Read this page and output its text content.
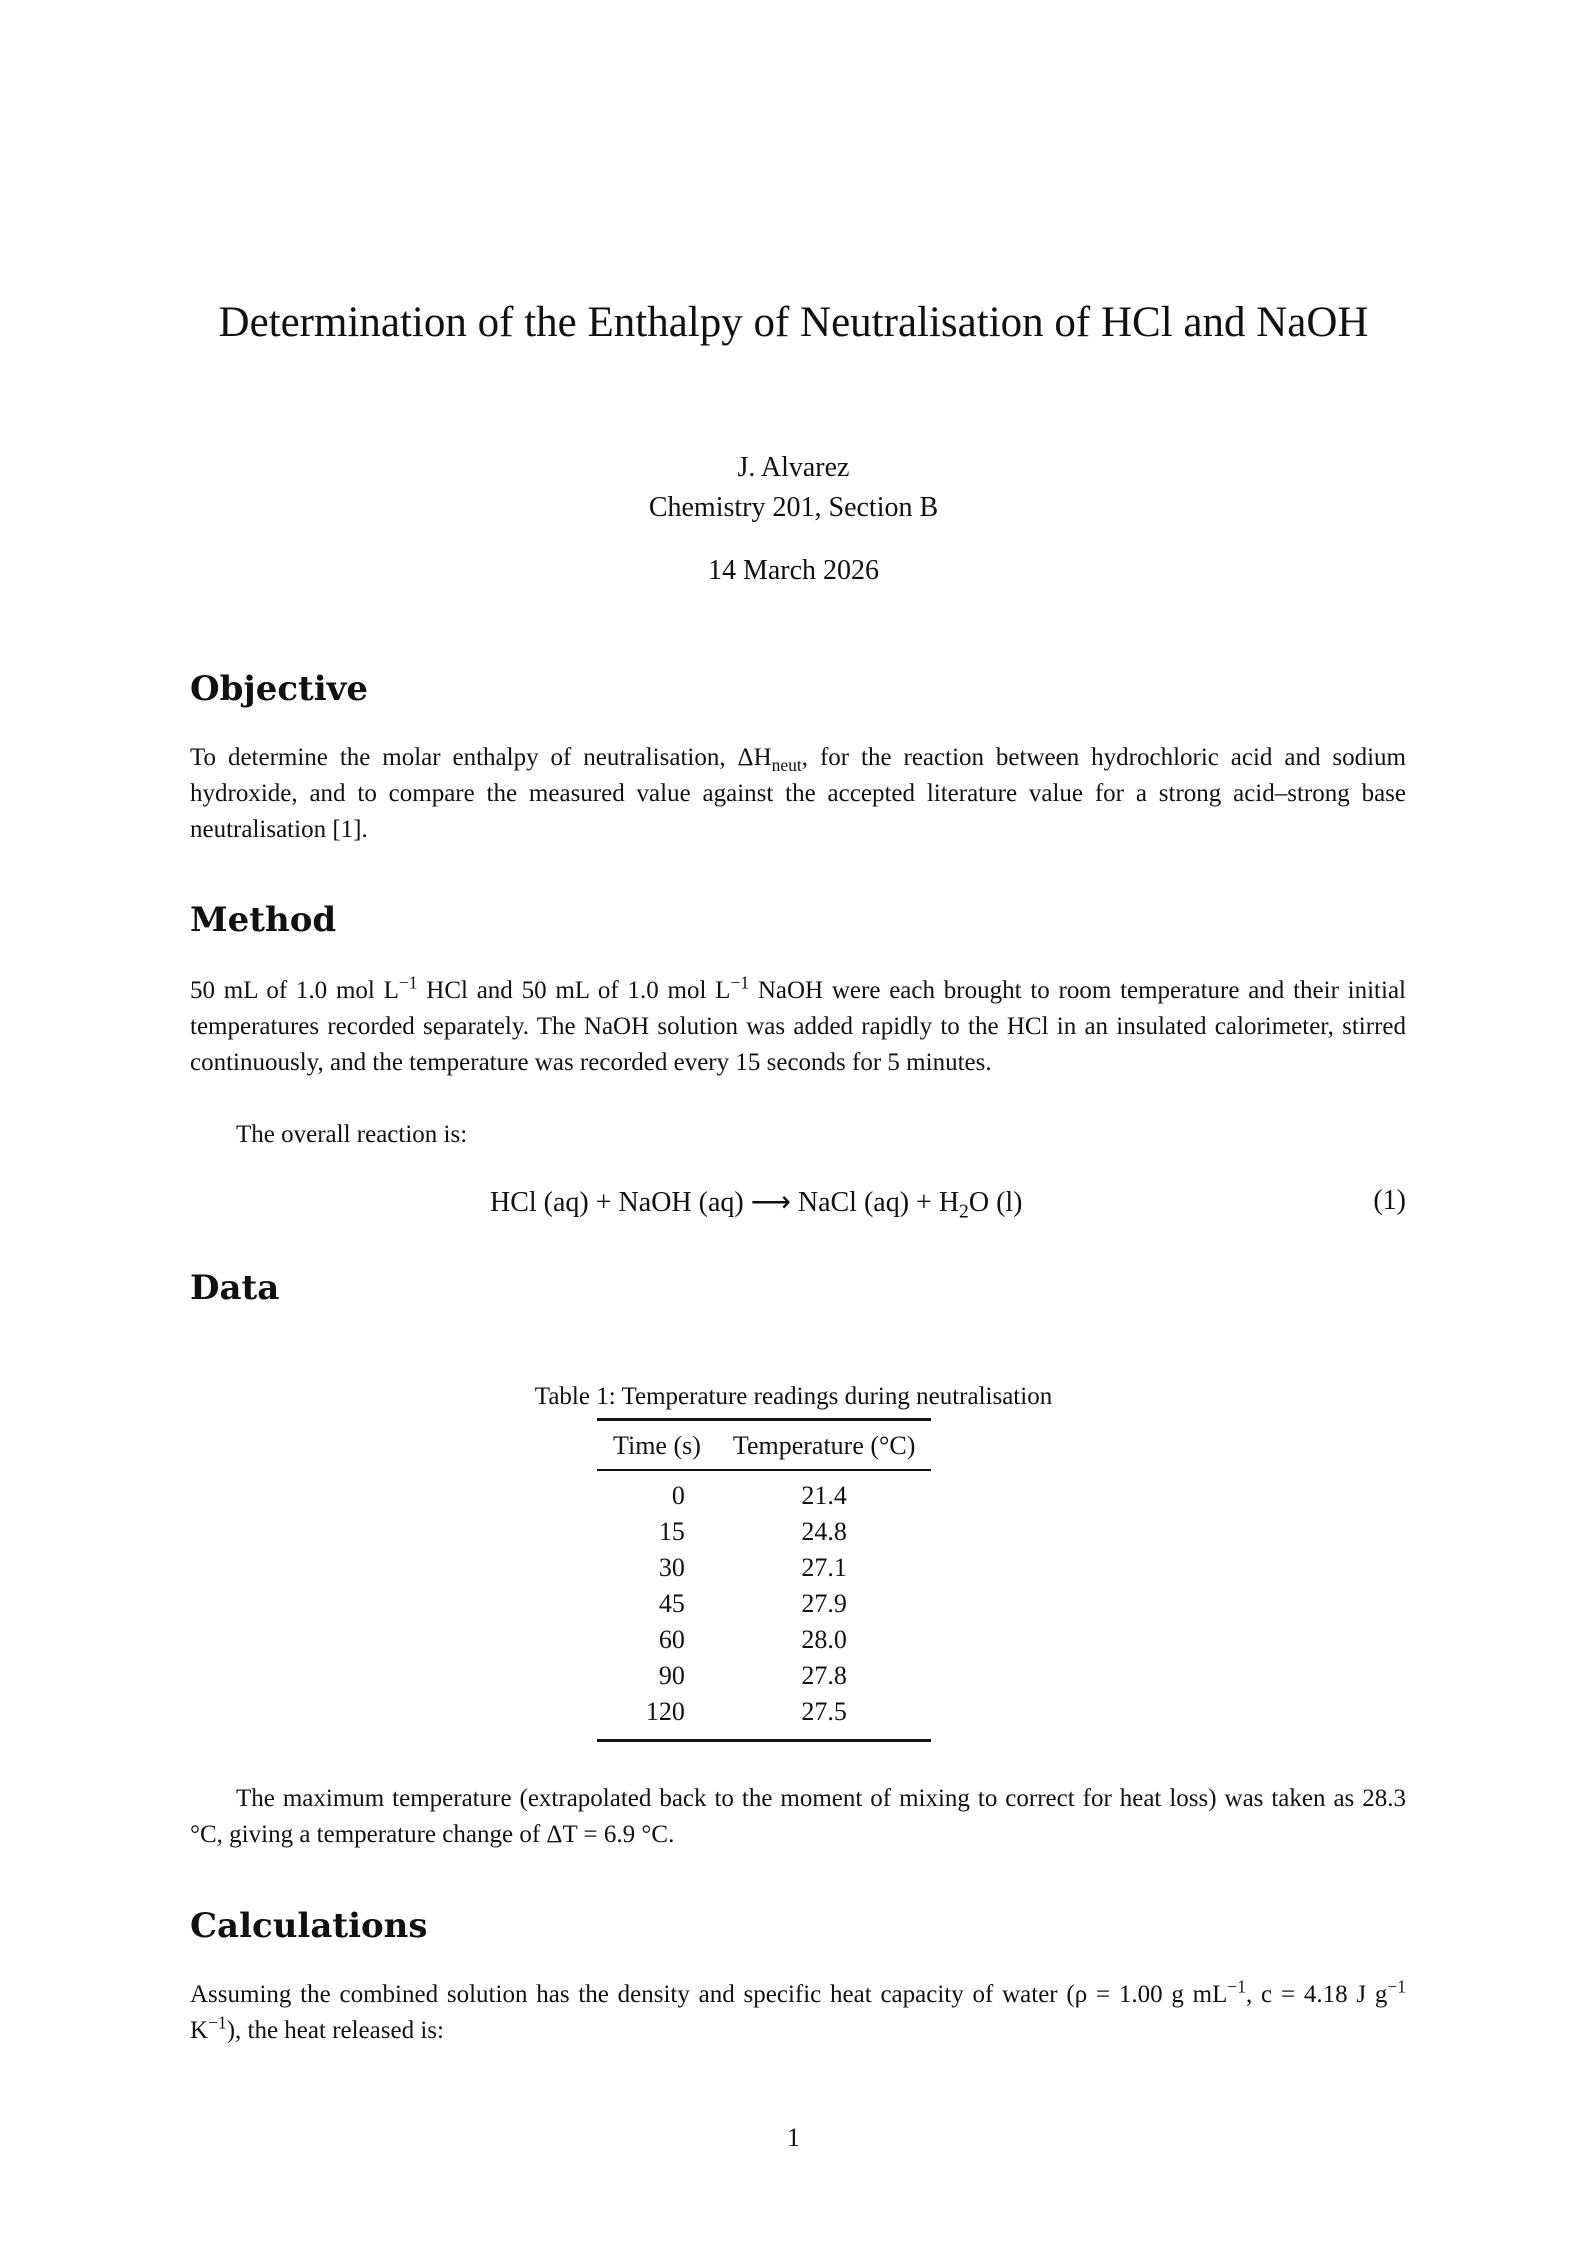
Determination of the Enthalpy of Neutralisation of HCl and NaOH
J. Alvarez
Chemistry 201, Section B
14 March 2026
Objective
To determine the molar enthalpy of neutralisation, $\Delta H_{neut}$, for the reaction between hydrochloric acid and sodium hydroxide, and to compare the measured value against the accepted literature value for a strong acid–strong base neutralisation [1].
Method
50 mL of 1.0 mol $L^{-1}$ HCl and 50 mL of 1.0 mol $L^{-1}$ NaOH were each brought to room temperature and their initial temperatures recorded separately. The NaOH solution was added rapidly to the HCl in an insulated calorimeter, stirred continuously, and the temperature was recorded every 15 seconds for 5 minutes.
The overall reaction is:
HCl (aq) + NaOH (aq) ⟶ NaCl $(aq) + H_2O$ (l)	(1)
Data
Table 1: Temperature readings during neutralisation
Time (s)	Temperature (°C)
0	21.4
15	24.8
30	27.1
45	27.9
60	28.0
90	27.8
120	27.5
The maximum temperature (extrapolated back to the moment of mixing to correct for heat loss) was taken as 28.3 °C, giving a temperature change of ΔT = 6.9 °C.
Calculations
Assuming the combined solution has the density and specific heat capacity of water (ρ = 1.00 g $mL^{-1}$, c = 4.18 J $g^{-1}$ $K^{-1}$), the heat released is:
1
